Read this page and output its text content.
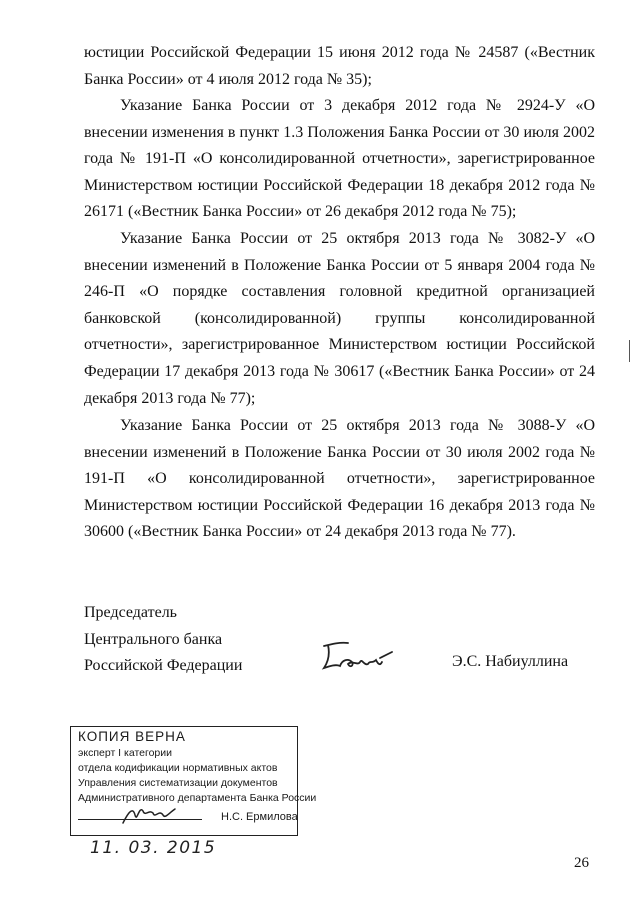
юстиции Российской Федерации 15 июня 2012 года № 24587 («Вестник Банка России» от 4 июля 2012 года № 35);

Указание Банка России от 3 декабря 2012 года № 2924-У «О внесении изменения в пункт 1.3 Положения Банка России от 30 июля 2002 года № 191-П «О консолидированной отчетности», зарегистрированное Министерством юстиции Российской Федерации 18 декабря 2012 года № 26171 («Вестник Банка России» от 26 декабря 2012 года № 75);

Указание Банка России от 25 октября 2013 года № 3082-У «О внесении изменений в Положение Банка России от 5 января 2004 года № 246-П «О порядке составления головной кредитной организацией банковской (консолидированной) группы консолидированной отчетности», зарегистрированное Министерством юстиции Российской Федерации 17 декабря 2013 года № 30617 («Вестник Банка России» от 24 декабря 2013 года № 77);

Указание Банка России от 25 октября 2013 года № 3088-У «О внесении изменений в Положение Банка России от 30 июля 2002 года № 191-П «О консолидированной отчетности», зарегистрированное Министерством юстиции Российской Федерации 16 декабря 2013 года № 30600 («Вестник Банка России» от 24 декабря 2013 года № 77).

Председатель
Центрального банка
Российской Федерации	Э.С. Набиуллина
КОПИЯ ВЕРНА
эксперт I категории
отдела кодификации нормативных актов
Управления систематизации документов
Административного департамента Банка России
Н.С. Ермилова
11. 03. 2015
26
